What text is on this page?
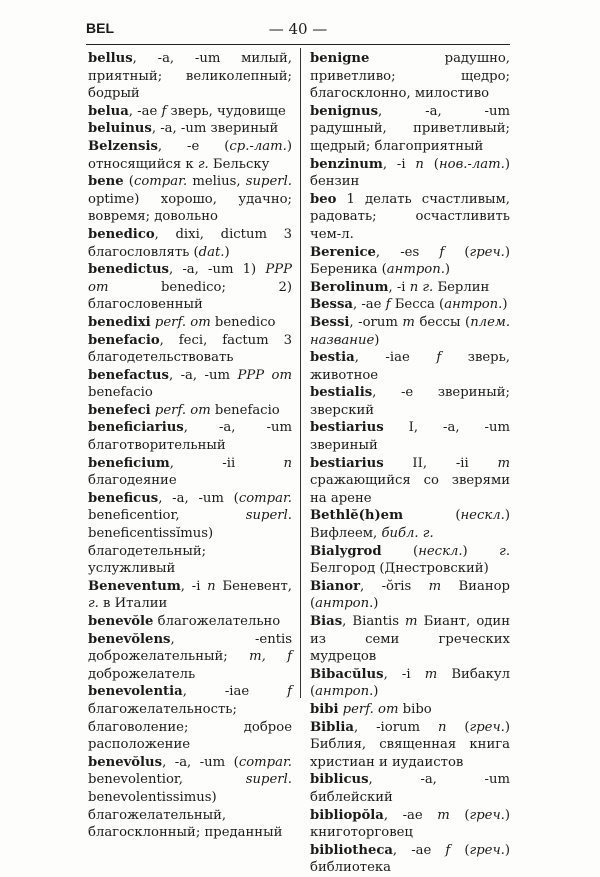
BEL	— 40 —

bellus, -a, -um милый, приятный; великолепный; бодрый

belua, -ae f зверь, чудовище

beluinus, -a, -um звериный

Belzensis, -e (ср.-лат.) относящийся к г. Бельску

bene (compar. melius, superl. optime) хорошо, удачно; вовремя; довольно

benedico, dixi, dictum 3 благословлять (dat.)

benedictus, -a, -um 1) PPP от benedico; 2) благословенный

benedixi perf. от benedico

benefacio, feci, factum 3 благодетельствовать

benefactus, -a, -um PPP от benefacio

benefeci perf. от benefacio

beneficiarius, -a, -um благотворительный

beneficium, -ii n благодеяние

beneficus, -a, -um (compar. beneficentior, superl. beneficentissĭmus) благодетельный; услужливый

Beneventum, -i n Беневент, г. в Италии

benevŏle благожелательно

benevŏlens, -entis доброжелательный; m, f доброжелатель

benevolentia, -iae f благожелательность; благоволение; доброе расположение

benevŏlus, -a, -um (compar. benevolentior, superl. benevolentissimus) благожелательный, благосклонный; преданный

benigne радушно, приветливо; щедро; благосклонно, милостиво

benignus, -a, -um радушный, приветливый; щедрый; благоприятный

benzinum, -i n (нов.-лат.) бензин

beo 1 делать счастливым, радовать; осчастливить чем-л.

Berenice, -es f (греч.) Береника (антроп.)

Berolinum, -i n г. Берлин

Bessa, -ae f Бесса (антроп.)

Bessi, -orum m бессы (плем. название)

bestia, -iae f зверь, животное

bestialis, -e звериный; зверский

bestiarius I, -a, -um звериный

bestiarius II, -ii m сражающийся со зверями на арене

Bethlĕ(h)em (нескл.) Вифлеем, библ. г.

Bialygrod (нескл.) г. Белгород (Днестровский)

Bianor, -ŏris m Вианор (антроп.)

Bias, Biantis m Биант, один из семи греческих мудрецов

Bibacŭlus, -i m Вибакул (антроп.)

bibi perf. от bibo

Biblia, -iorum n (греч.) Библия, священная книга христиан и иудаистов

biblicus, -a, -um библейский

bibliopŏla, -ae m (греч.) книготорговец

bibliotheca, -ae f (греч.) библиотека
